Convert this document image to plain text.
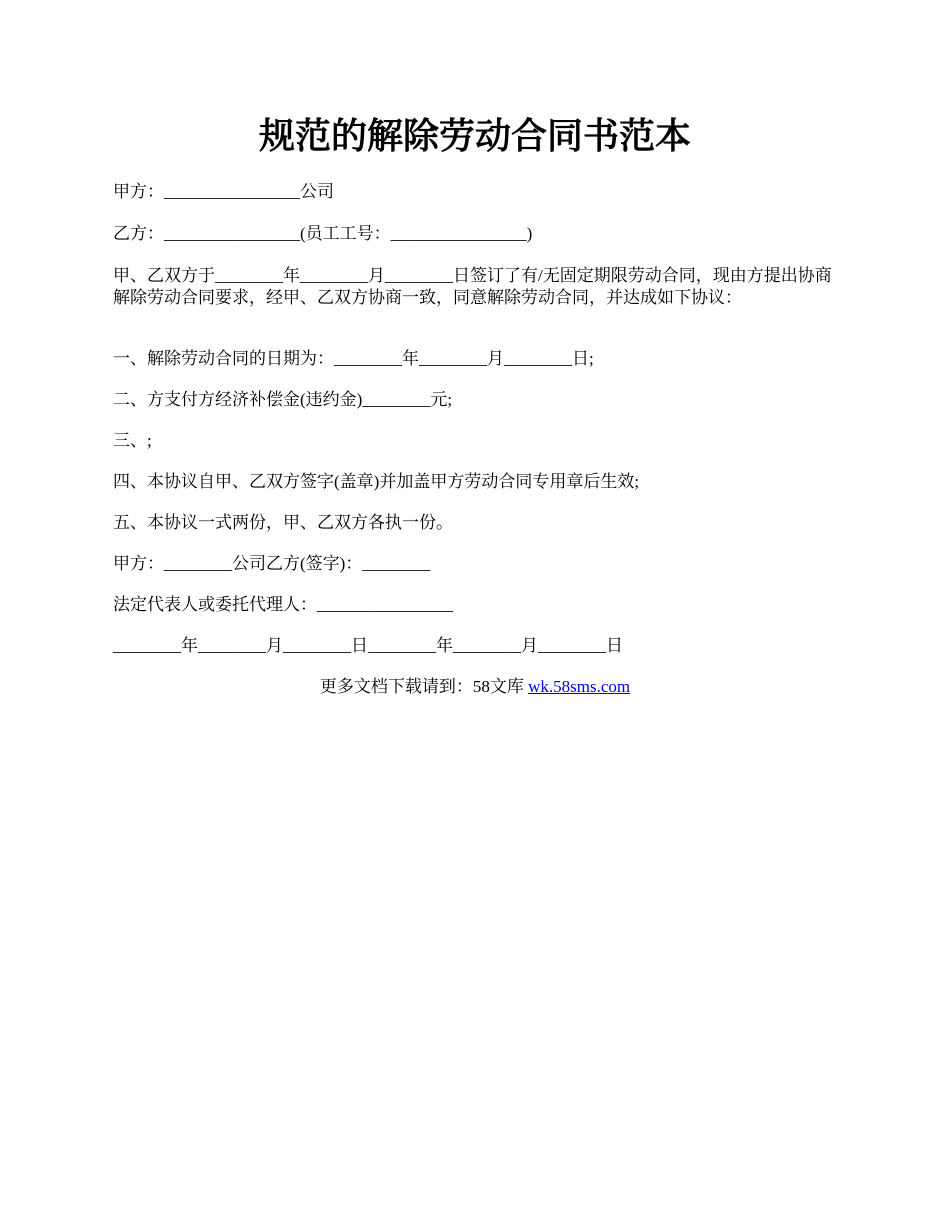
规范的解除劳动合同书范本
甲方：________________公司
乙方：________________(员工工号：________________)
甲、乙双方于________年________月________日签订了有/无固定期限劳动合同，现由方提出协商解除劳动合同要求，经甲、乙双方协商一致，同意解除劳动合同，并达成如下协议：
一、解除劳动合同的日期为：________年________月________日;
二、方支付方经济补偿金(违约金)________元;
三、;
四、本协议自甲、乙双方签字(盖章)并加盖甲方劳动合同专用章后生效;
五、本协议一式两份，甲、乙双方各执一份。
甲方：________公司乙方(签字)：________
法定代表人或委托代理人：________________
________年________月________日________年________月________日
更多文档下载请到：58文库 wk.58sms.com
